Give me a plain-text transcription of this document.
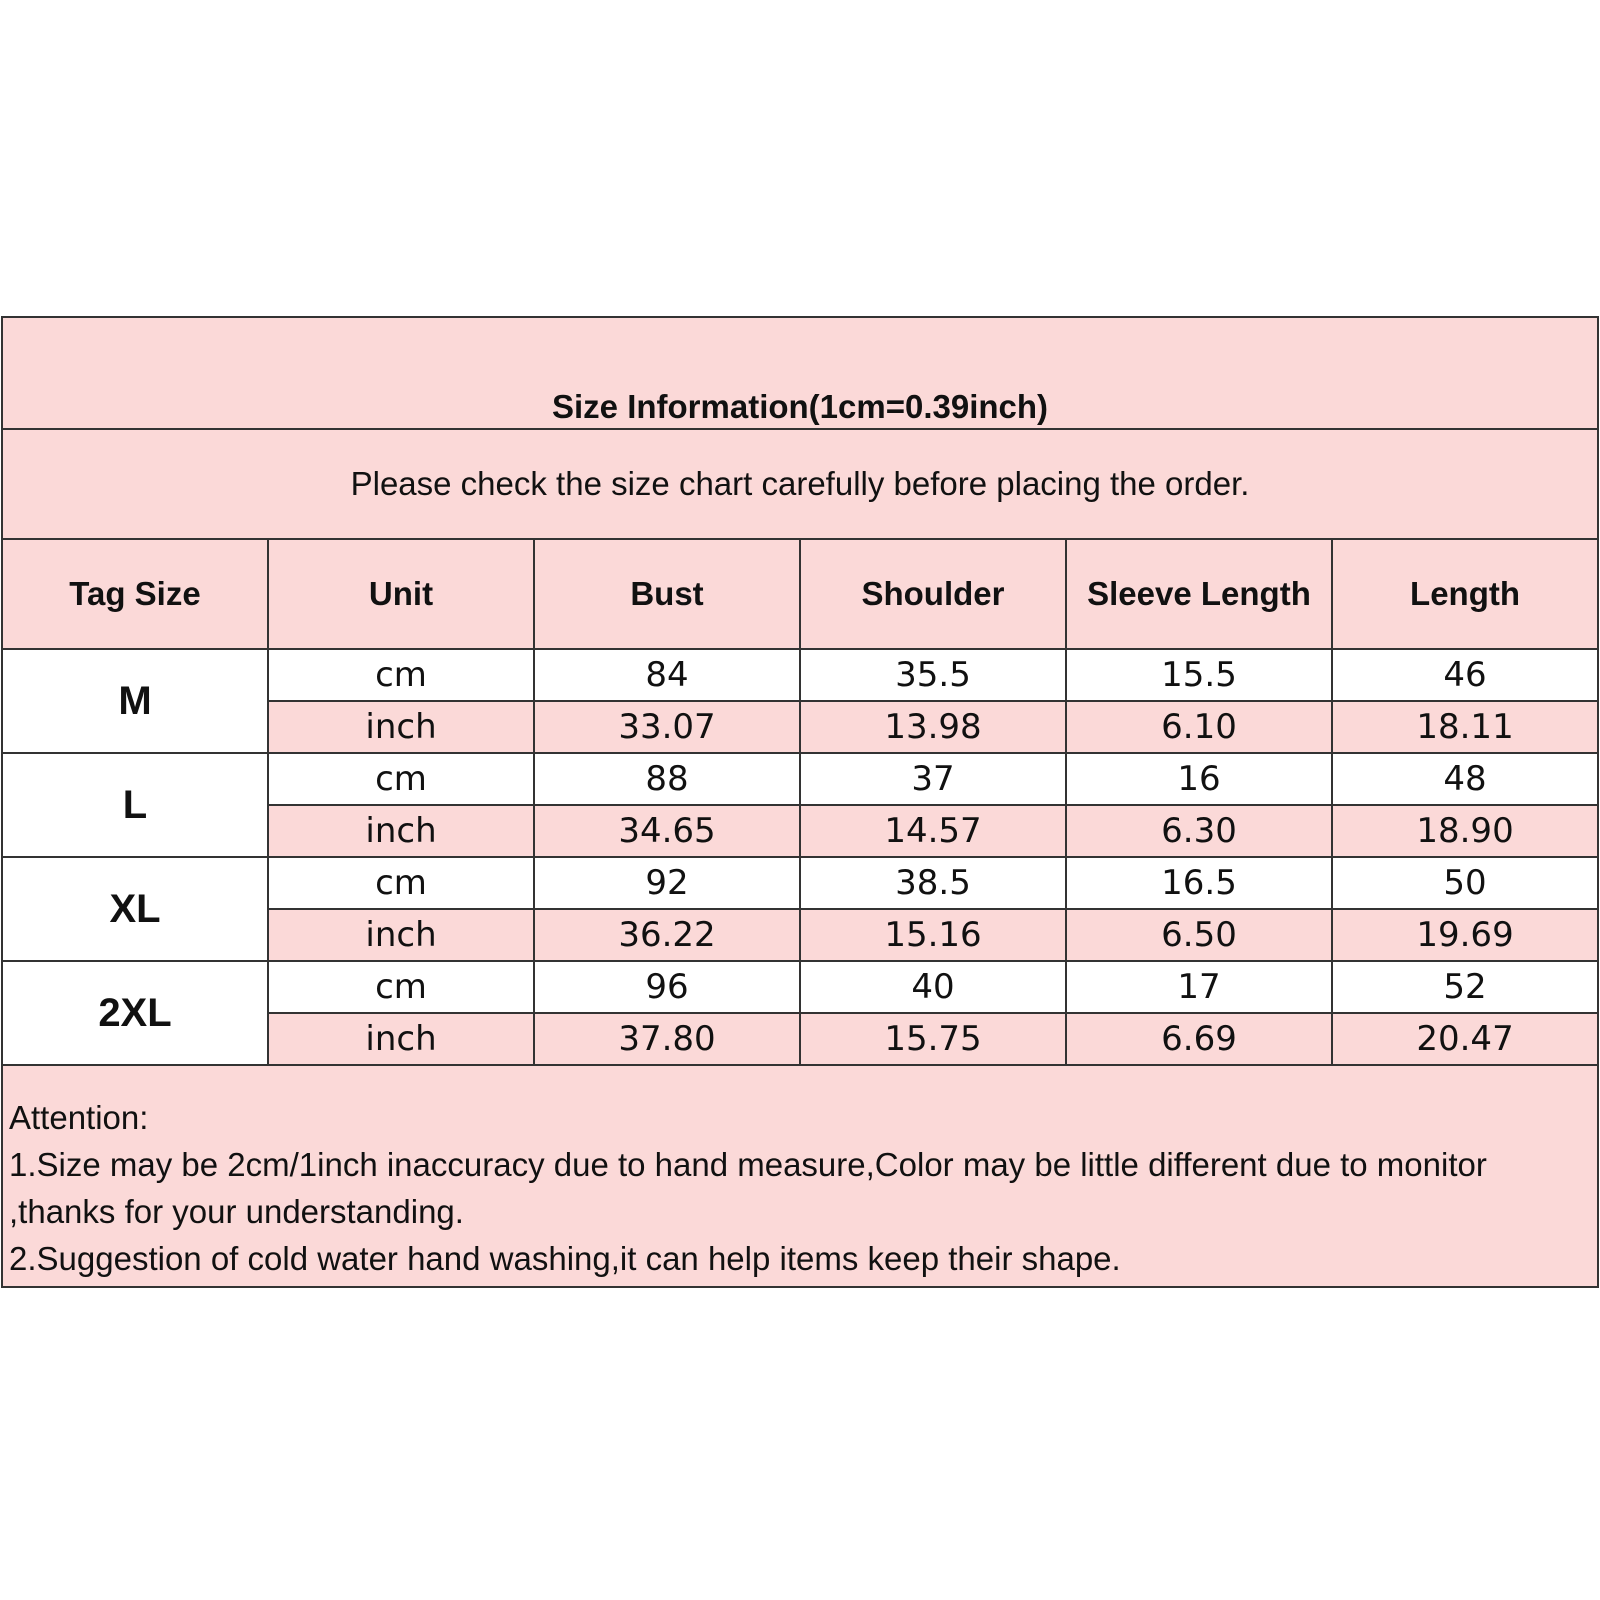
Size Information(1cm=0.39inch)					
Please check the size chart carefully before placing the order.					
Tag Size	Unit	Bust	Shoulder	Sleeve Length	Length
M	cm	84	35.5	15.5	46
	inch	33.07	13.98	6.10	18.11
L	cm	88	37	16	48
	inch	34.65	14.57	6.30	18.90
XL	cm	92	38.5	16.5	50
	inch	36.22	15.16	6.50	19.69
2XL	cm	96	40	17	52
	inch	37.80	15.75	6.69	20.47

Attention:
1.Size may be 2cm/1inch inaccuracy due to hand measure,Color may be little different due to monitor ,thanks for your understanding.
2.Suggestion of cold water hand washing,it can help items keep their shape.					
